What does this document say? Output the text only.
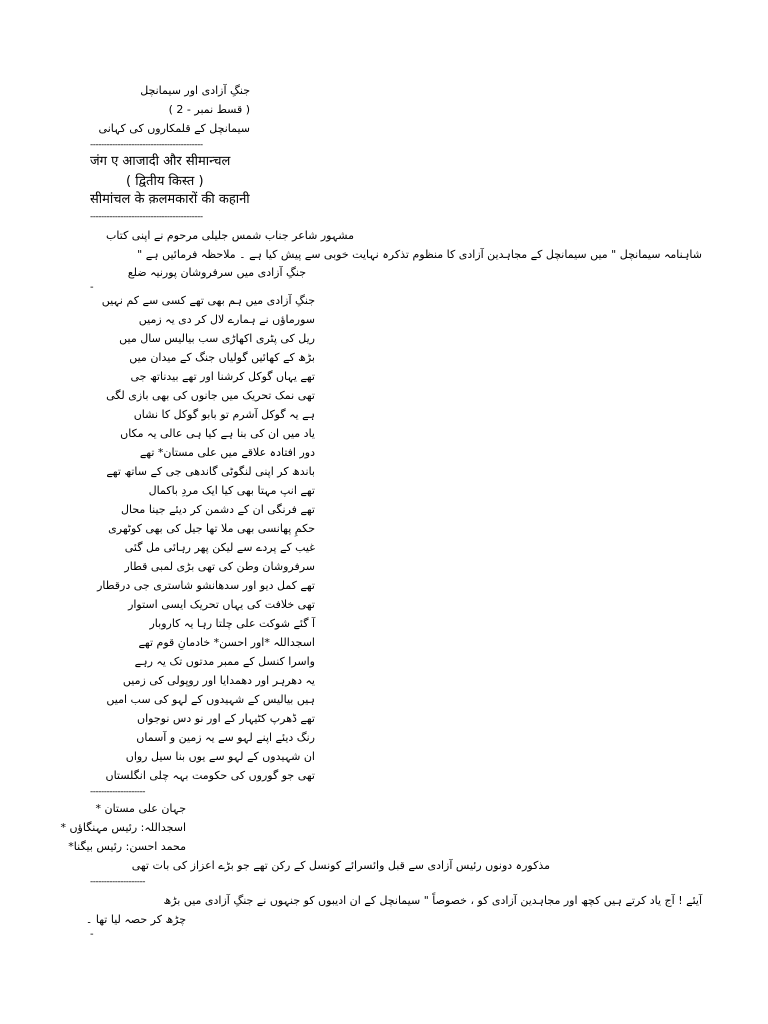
جنگِ آزادی اور سیمانچل
( قسط نمبر - 2 )
سیمانچل کے قلمکاروں کی کہانی
-----------------------------------------
जंग ए आजादी और सीमान्चल
( द्वितीय किस्त )
सीमांचल के क़लमकारों की कहानी
-----------------------------------------
مشہور شاعر جناب شمس جلیلی مرحوم نے اپنی کتاب
شاہنامہ سیمانچل " میں سیمانچل کے مجاہدین آزادی کا منظوم تذکرہ نہایت خوبی سے پیش کیا ہے ۔ ملاحظہ فرمائیں ہے "
جنگِ آزادی میں سرفروشان پورنیہ ضلع
-
جنگِ آزادی میں ہم بھی تھے کسی سے کم نہیں
سورماؤں نے ہمارے لال کر دی یہ زمیں
ریل کی پٹری اکھاڑی سب بیالیس سال میں
بڑھ کے کھائیں گولیاں جنگ کے میدان میں
تھے یہاں گوکل کرشنا اور تھے بیدناتھ جی
تھی نمک تحریک میں جانوں کی بھی بازی لگی
ہے یہ گوکل آشرم تو بابو گوکل کا نشاں
یاد میں ان کی بنا ہے کیا ہی عالی یہ مکاں
دور افتادہ علاقے میں علی مستان* تھے
باندھ کر اپنی لنگوٹی گاندھی جی کے ساتھ تھے
تھے انپ مہتا بھی کیا ایک مردِ باکمال
تھے فرنگی ان کے دشمن کر دیئے جینا محال
حکمِ پھانسی بھی ملا تھا جیل کی بھی کوٹھری
غیب کے پردے سے لیکن پھر رہائی مل گئی
سرفروشان وطن کی تھی بڑی لمبی قطار
تھے کمل دیو اور سدھانشو شاستری جی درقطار
تھی خلافت کی یہاں تحریک ایسی استوار
آ گئے شوکت علی چلتا رہا یہ کاروبار
اسجداللہ *اور احسن* خادمانِ قوم تھے
واسرا کنسل کے ممبر مدتوں تک یہ رہے
یہ دھرہر اور دھمدایا اور روپولی کی زمیں
ہیں بیالیس کے شہیدوں کے لہو کی سب امیں
تھے ڈھرپ کٹیہار کے اور نو دس نوجواں
رنگ دیئے اپنے لہو سے یہ زمین و آسماں
ان شہیدوں کے لہو سے یوں بنا سیل رواں
تھی جو گوروں کی حکومت بہہ چلی انگلستاں
--------------------
جہان علی مستان *
اسجداللہ: رئیس مہنگاؤں *
محمد احسن: رئیس بیگنا*
مذکورہ دونوں رئیس آزادی سے قبل وائسرائے کونسل کے رکن تھے جو بڑے اعزاز کی بات تھی
--------------------
آیئے ! آج یاد کرتے ہیں کچھ اور مجاہدین آزادی کو ، خصوصاً " سیمانچل کے ان ادیبوں کو جنہوں نے جنگِ آزادی میں بڑھ
چڑھ کر حصہ لیا تھا ۔
-
